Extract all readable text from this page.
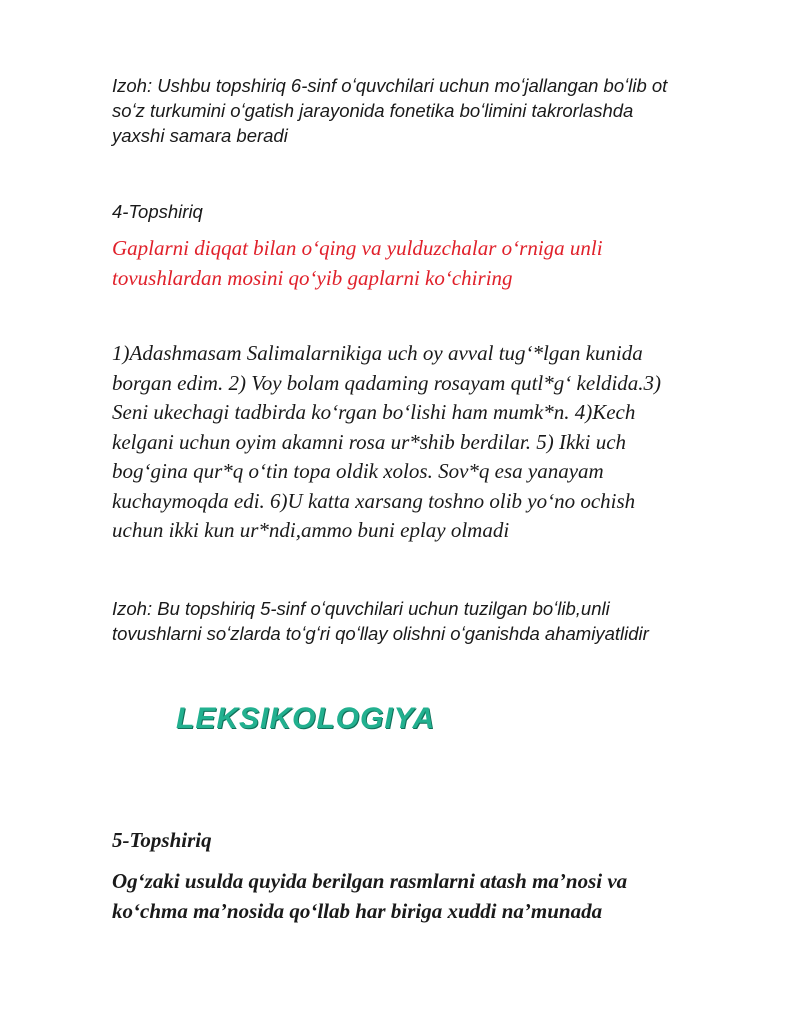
Izoh: Ushbu topshiriq 6-sinf oʻquvchilari uchun moʻjallangan boʻlib ot
soʻz turkumini oʻgatish jarayonida fonetika boʻlimini takrorlashda
yaxshi samara beradi

4-Topshiriq

Gaplarni diqqat bilan oʻqing va yulduzchalar oʻrniga unli
tovushlardan mosini qoʻyib gaplarni koʻchiring

1)Adashmasam Salimalarnikiga uch oy avval tug‘*lgan kunida
borgan edim. 2) Voy bolam qadaming rosayam qutl*g‘ keldida.3)
Seni ukechagi tadbirda ko‘rgan bo‘lishi ham mumk*n. 4)Kech
kelgani uchun oyim akamni rosa ur*shib berdilar. 5) Ikki uch
bog‘gina qur*q o‘tin topa oldik xolos. Sov*q esa yanayam
kuchaymoqda edi. 6)U katta xarsang toshno olib yo‘no ochish
uchun ikki kun ur*ndi,ammo buni eplay olmadi

Izoh: Bu topshiriq 5-sinf oʻquvchilari uchun tuzilgan boʻlib,unli
tovushlarni soʻzlarda toʻgʻri qoʻllay olishni oʻganishda ahamiyatlidir

LEKSIKOLOGIYA

5-Topshiriq

Og‘zaki usulda quyida berilgan rasmlarni atash ma’nosi va
ko‘chma ma’nosida qo‘llab har biriga xuddi na’munada
